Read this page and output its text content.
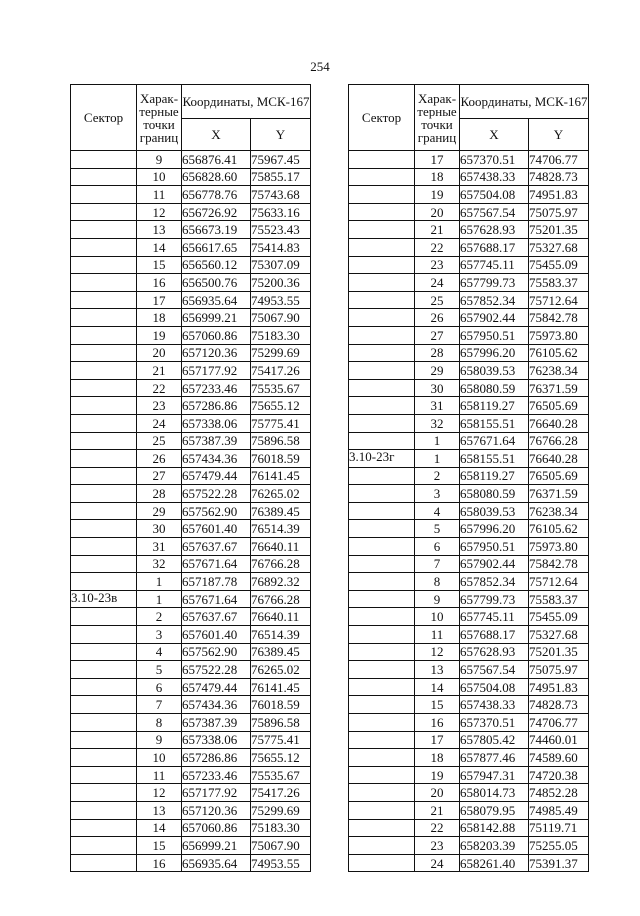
254
Сектор	Харак-терные точки границ	Координаты, МСК-167	
		X	Y
	9	656876.41	75967.45
	10	656828.60	75855.17
	11	656778.76	75743.68
	12	656726.92	75633.16
	13	656673.19	75523.43
	14	656617.65	75414.83
	15	656560.12	75307.09
	16	656500.76	75200.36
	17	656935.64	74953.55
	18	656999.21	75067.90
	19	657060.86	75183.30
	20	657120.36	75299.69
	21	657177.92	75417.26
	22	657233.46	75535.67
	23	657286.86	75655.12
	24	657338.06	75775.41
	25	657387.39	75896.58
	26	657434.36	76018.59
	27	657479.44	76141.45
	28	657522.28	76265.02
	29	657562.90	76389.45
	30	657601.40	76514.39
	31	657637.67	76640.11
	32	657671.64	76766.28
	1	657187.78	76892.32
3.10-23в	1	657671.64	76766.28
	2	657637.67	76640.11
	3	657601.40	76514.39
	4	657562.90	76389.45
	5	657522.28	76265.02
	6	657479.44	76141.45
	7	657434.36	76018.59
	8	657387.39	75896.58
	9	657338.06	75775.41
	10	657286.86	75655.12
	11	657233.46	75535.67
	12	657177.92	75417.26
	13	657120.36	75299.69
	14	657060.86	75183.30
	15	656999.21	75067.90
	16	656935.64	74953.55
Сектор	Харак-терные точки границ	Координаты, МСК-167	
		X	Y
	17	657370.51	74706.77
	18	657438.33	74828.73
	19	657504.08	74951.83
	20	657567.54	75075.97
	21	657628.93	75201.35
	22	657688.17	75327.68
	23	657745.11	75455.09
	24	657799.73	75583.37
	25	657852.34	75712.64
	26	657902.44	75842.78
	27	657950.51	75973.80
	28	657996.20	76105.62
	29	658039.53	76238.34
	30	658080.59	76371.59
	31	658119.27	76505.69
	32	658155.51	76640.28
	1	657671.64	76766.28
3.10-23г	1	658155.51	76640.28
	2	658119.27	76505.69
	3	658080.59	76371.59
	4	658039.53	76238.34
	5	657996.20	76105.62
	6	657950.51	75973.80
	7	657902.44	75842.78
	8	657852.34	75712.64
	9	657799.73	75583.37
	10	657745.11	75455.09
	11	657688.17	75327.68
	12	657628.93	75201.35
	13	657567.54	75075.97
	14	657504.08	74951.83
	15	657438.33	74828.73
	16	657370.51	74706.77
	17	657805.42	74460.01
	18	657877.46	74589.60
	19	657947.31	74720.38
	20	658014.73	74852.28
	21	658079.95	74985.49
	22	658142.88	75119.71
	23	658203.39	75255.05
	24	658261.40	75391.37
